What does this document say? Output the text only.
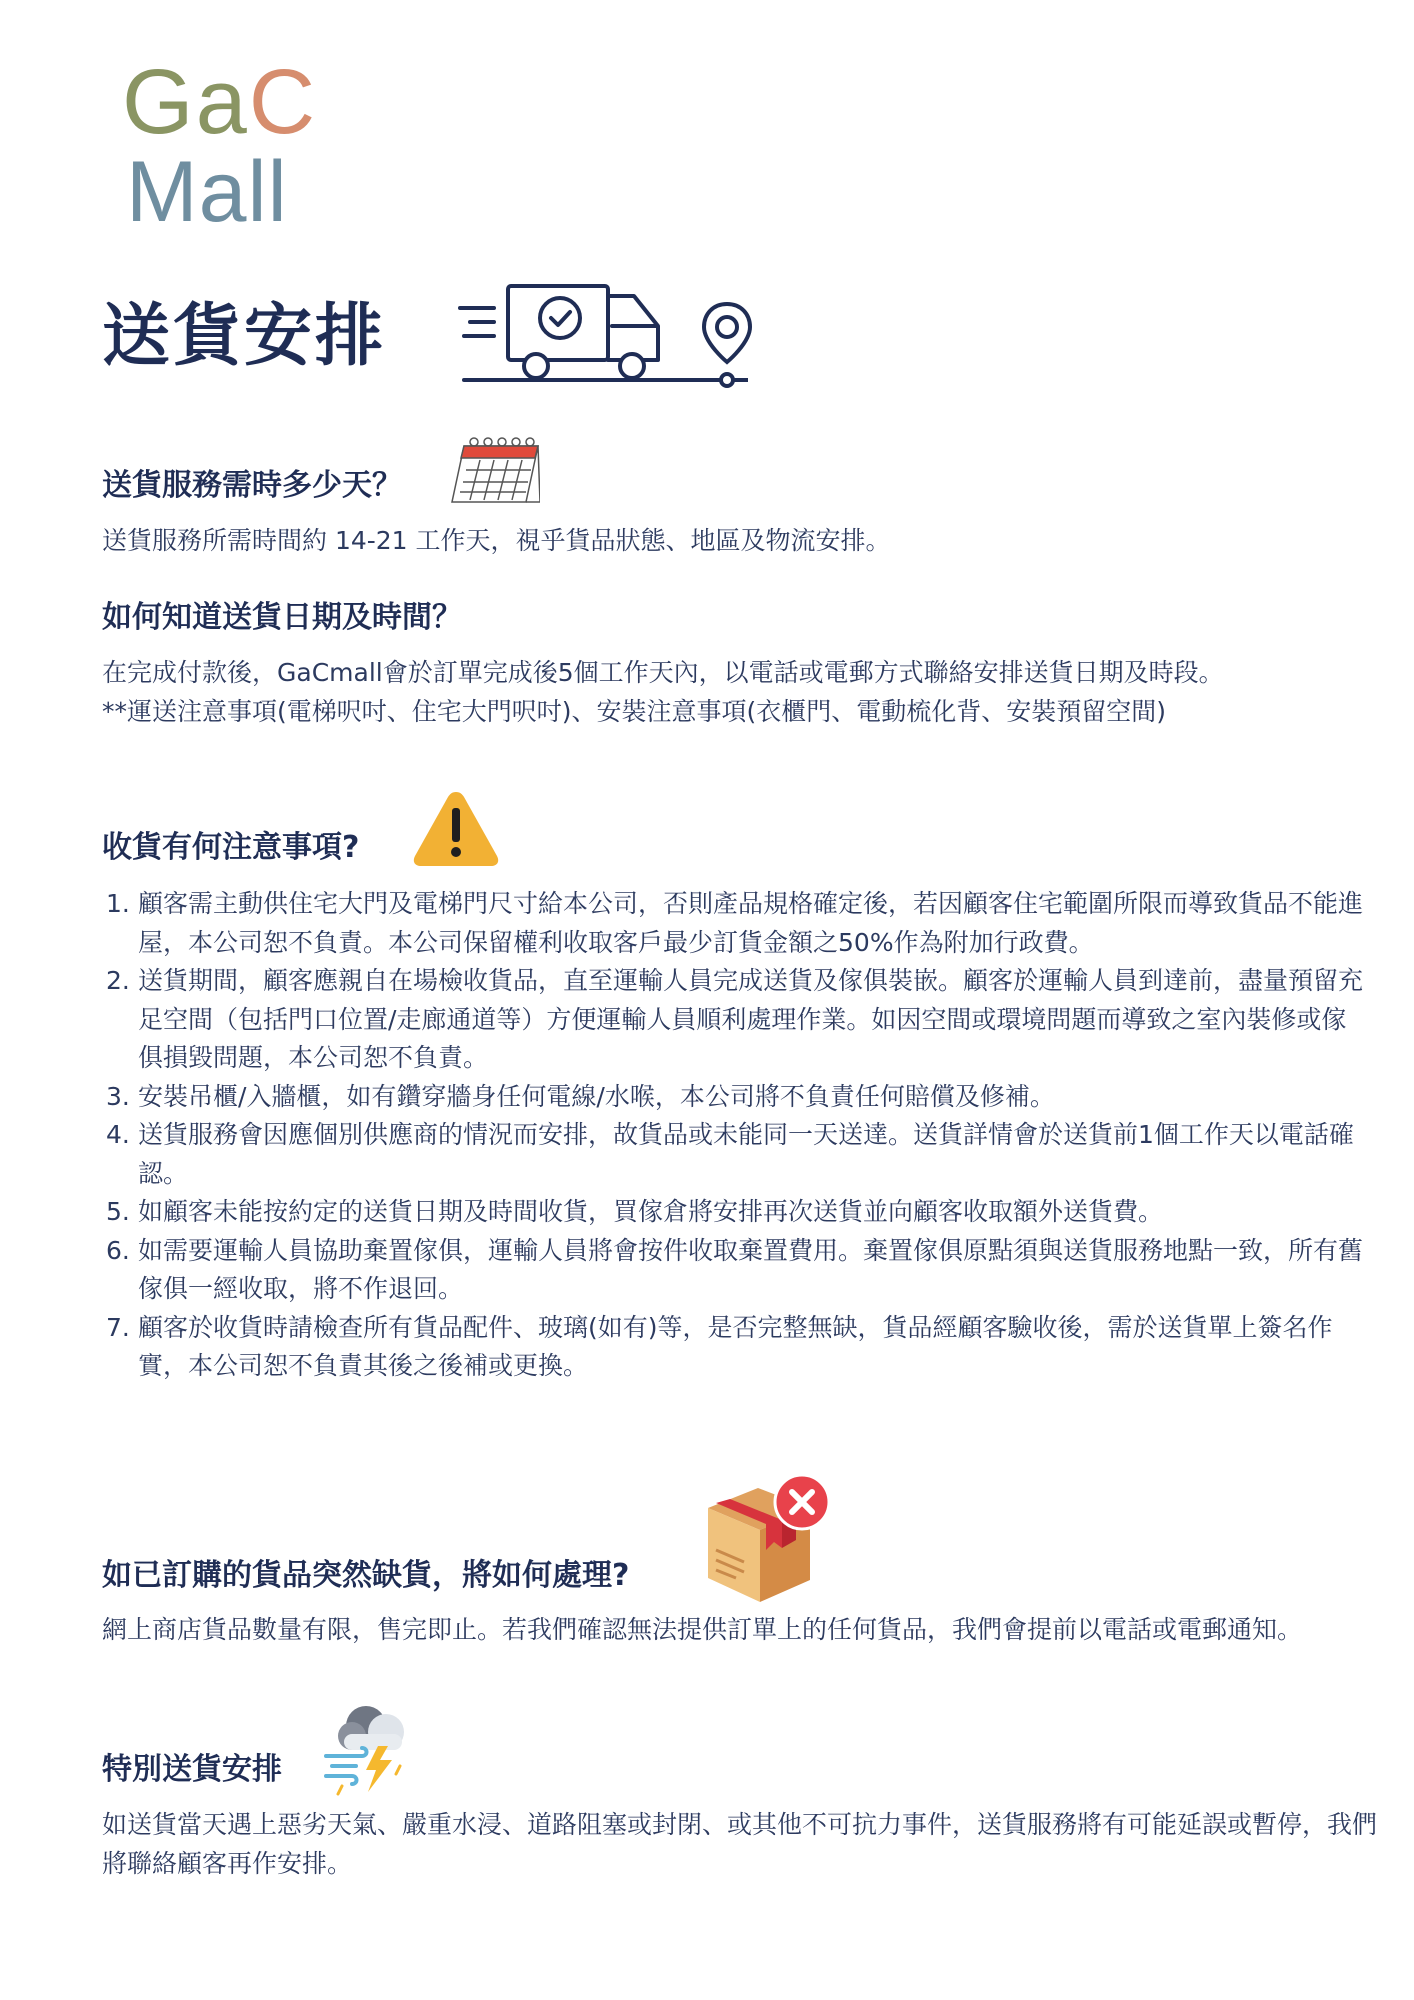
GaC
Mall
送貨安排
送貨服務需時多少天？
送貨服務所需時間約 14-21 工作天，視乎貨品狀態、地區及物流安排。
如何知道送貨日期及時間？
在完成付款後，GaCmall會於訂單完成後5個工作天內，以電話或電郵方式聯絡安排送貨日期及時段。
**運送注意事項(電梯呎吋、住宅大門呎吋)、安裝注意事項(衣櫃門、電動梳化背、安裝預留空間)
收貨有何注意事項?
1. 顧客需主動供住宅大門及電梯門尺寸給本公司，否則產品規格確定後，若因顧客住宅範圍所限而導致貨品不能進屋，本公司恕不負責。本公司保留權利收取客戶最少訂貨金額之50%作為附加行政費。
2. 送貨期間，顧客應親自在場檢收貨品，直至運輸人員完成送貨及傢俱裝嵌。顧客於運輸人員到達前，盡量預留充足空間（包括門口位置/走廊通道等）方便運輸人員順利處理作業。如因空間或環境問題而導致之室內裝修或傢俱損毀問題，本公司恕不負責。
3. 安裝吊櫃/入牆櫃，如有鑽穿牆身任何電線/水喉，本公司將不負責任何賠償及修補。
4. 送貨服務會因應個別供應商的情況而安排，故貨品或未能同一天送達。送貨詳情會於送貨前1個工作天以電話確認。
5. 如顧客未能按約定的送貨日期及時間收貨，買傢倉將安排再次送貨並向顧客收取額外送貨費。
6. 如需要運輸人員協助棄置傢俱，運輸人員將會按件收取棄置費用。棄置傢俱原點須與送貨服務地點一致，所有舊傢俱一經收取，將不作退回。
7. 顧客於收貨時請檢查所有貨品配件、玻璃(如有)等，是否完整無缺，貨品經顧客驗收後，需於送貨單上簽名作實，本公司恕不負責其後之後補或更換。
如已訂購的貨品突然缺貨，將如何處理?
網上商店貨品數量有限，售完即止。若我們確認無法提供訂單上的任何貨品，我們會提前以電話或電郵通知。
特別送貨安排
如送貨當天遇上惡劣天氣、嚴重水浸、道路阻塞或封閉、或其他不可抗力事件，送貨服務將有可能延誤或暫停，我們將聯絡顧客再作安排。
